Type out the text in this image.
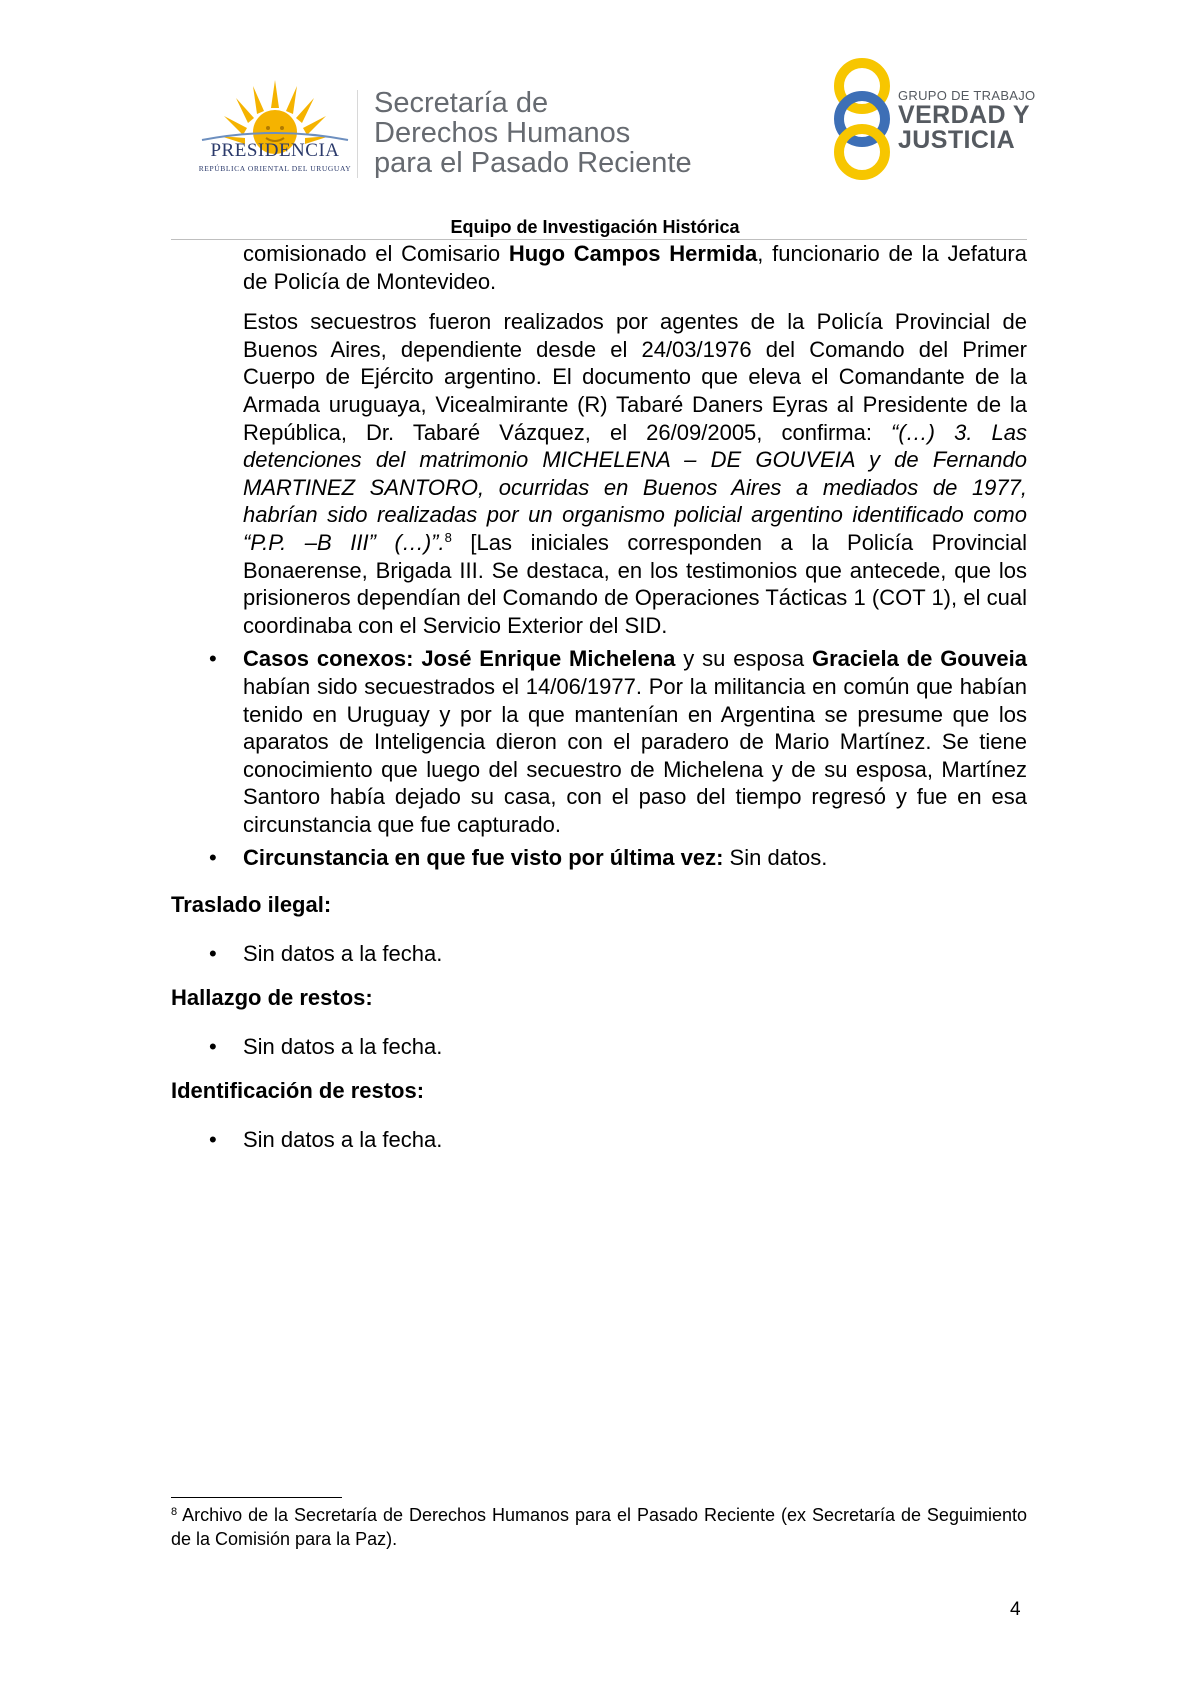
PRESIDENCIA
REPÚBLICA ORIENTAL DEL URUGUAY
Secretaría de
Derechos Humanos
para el Pasado Reciente
GRUPO DE TRABAJO
VERDAD Y
JUSTICIA
Equipo de Investigación Histórica

comisionado el Comisario Hugo Campos Hermida, funcionario de la Jefatura de Policía de Montevideo.

Estos secuestros fueron realizados por agentes de la Policía Provincial de Buenos Aires, dependiente desde el 24/03/1976 del Comando del Primer Cuerpo de Ejército argentino. El documento que eleva el Comandante de la Armada uruguaya, Vicealmirante (R) Tabaré Daners Eyras al Presidente de la República, Dr. Tabaré Vázquez, el 26/09/2005, confirma: “(…) 3. Las detenciones del matrimonio MICHELENA – DE GOUVEIA y de Fernando MARTINEZ SANTORO, ocurridas en Buenos Aires a mediados de 1977, habrían sido realizadas por un organismo policial argentino identificado como “P.P. –B III” (…)”.$^8$ [Las iniciales corresponden a la Policía Provincial Bonaerense, Brigada III. Se destaca, en los testimonios que antecede, que los prisioneros dependían del Comando de Operaciones Tácticas 1 (COT 1), el cual coordinaba con el Servicio Exterior del SID.

• Casos conexos: José Enrique Michelena y su esposa Graciela de Gouveia habían sido secuestrados el 14/06/1977. Por la militancia en común que habían tenido en Uruguay y por la que mantenían en Argentina se presume que los aparatos de Inteligencia dieron con el paradero de Mario Martínez. Se tiene conocimiento que luego del secuestro de Michelena y de su esposa, Martínez Santoro había dejado su casa, con el paso del tiempo regresó y fue en esa circunstancia que fue capturado.
• Circunstancia en que fue visto por última vez: Sin datos.

Traslado ilegal:

• Sin datos a la fecha.

Hallazgo de restos:

• Sin datos a la fecha.

Identificación de restos:

• Sin datos a la fecha.
$^8$ Archivo de la Secretaría de Derechos Humanos para el Pasado Reciente (ex Secretaría de Seguimiento de la Comisión para la Paz).
4
